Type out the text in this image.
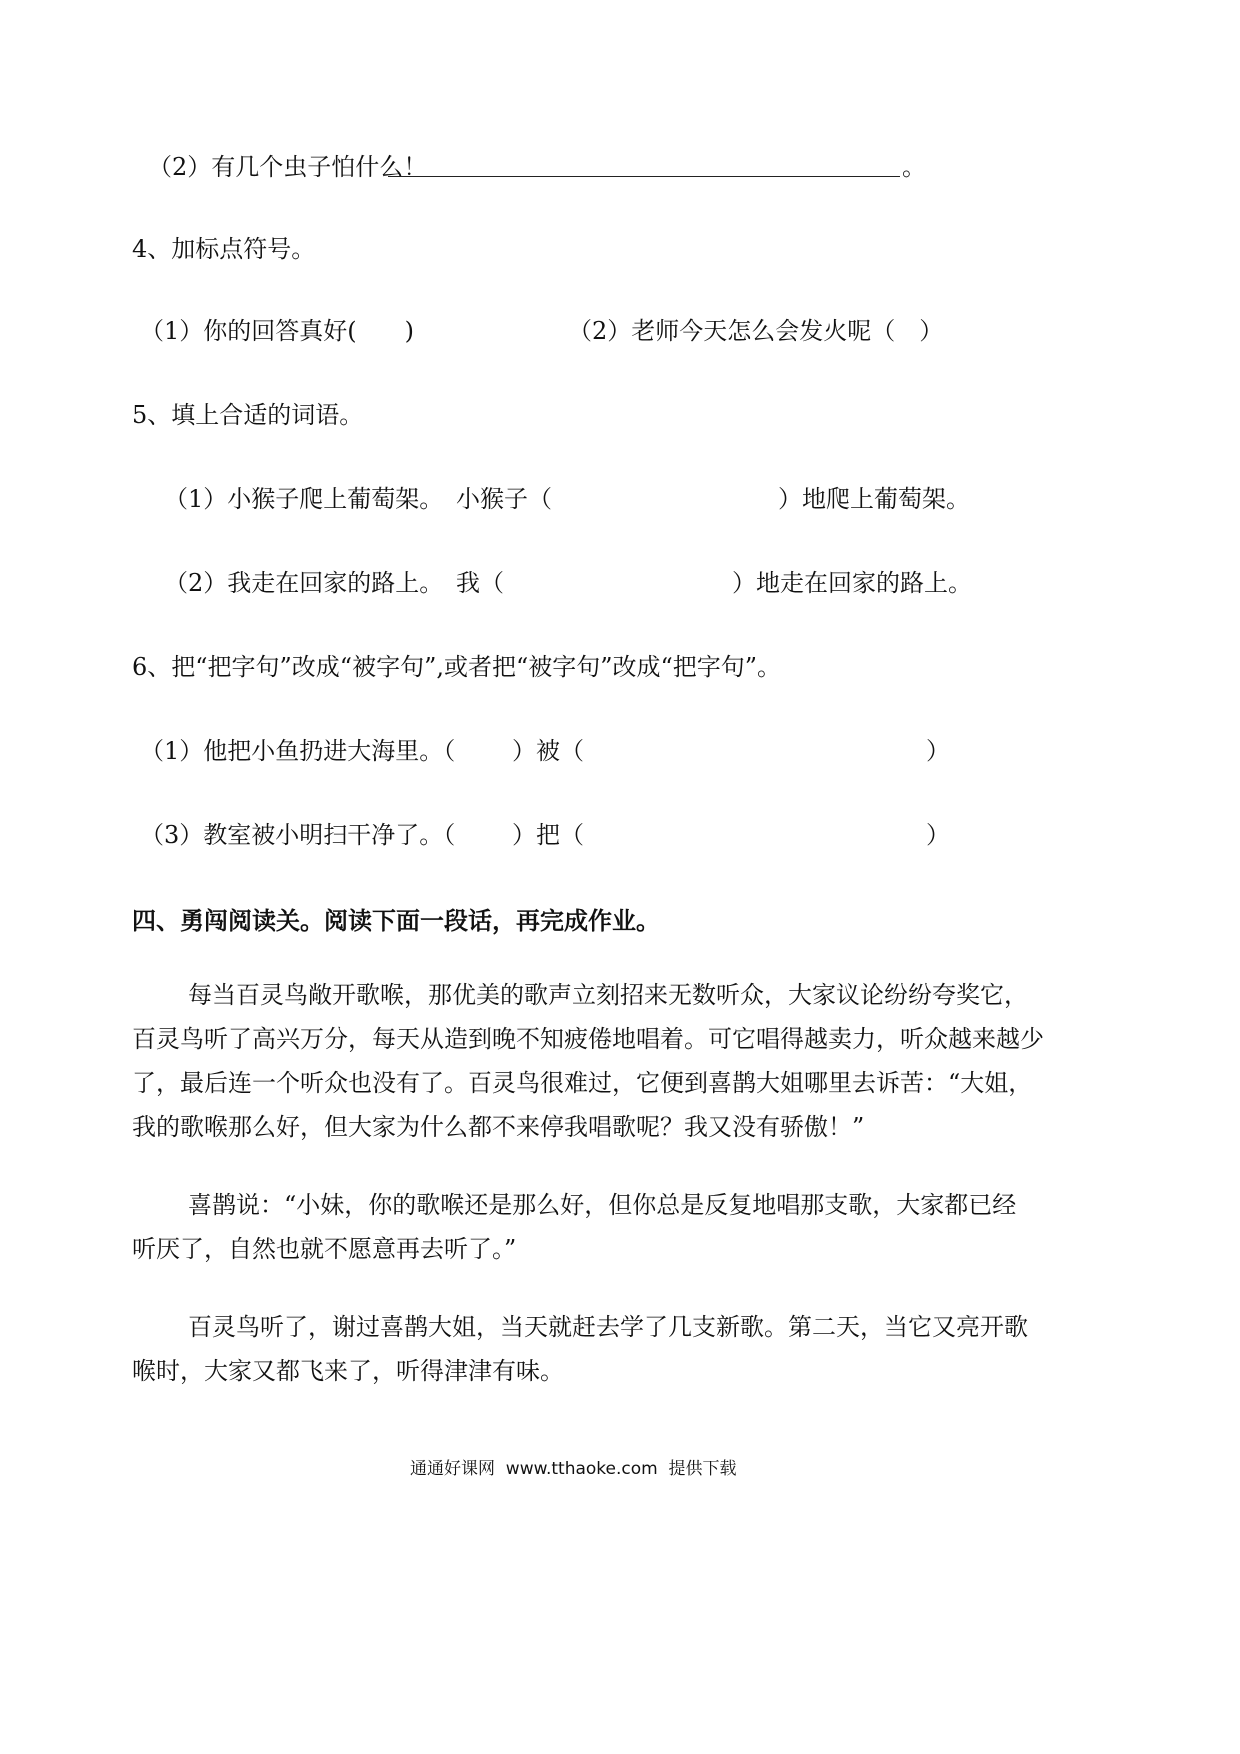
（2）有几个虫子怕什么！	。
4、加标点符号。
（1）你的回答真好(　　)	（2）老师今天怎么会发火呢（　）
5、填上合适的词语。
（1）小猴子爬上葡萄架。 小猴子（	）地爬上葡萄架。
（2）我走在回家的路上。 我（	）地走在回家的路上。
6、把“把字句”改成“被字句”,或者把“被字句”改成“把字句”。
（1）他把小鱼扔进大海里。（ ）被（	）
（3）教室被小明扫干净了。（ ）把（	）
四、勇闯阅读关。阅读下面一段话，再完成作业。
每当百灵鸟敞开歌喉，那优美的歌声立刻招来无数听众，大家议论纷纷夸奖它，
百灵鸟听了高兴万分，每天从造到晚不知疲倦地唱着。可它唱得越卖力，听众越来越少
了，最后连一个听众也没有了。百灵鸟很难过，它便到喜鹊大姐哪里去诉苦：“大姐，
我的歌喉那么好，但大家为什么都不来停我唱歌呢？我又没有骄傲！”
喜鹊说：“小妹，你的歌喉还是那么好，但你总是反复地唱那支歌，大家都已经
听厌了，自然也就不愿意再去听了。”
百灵鸟听了，谢过喜鹊大姐，当天就赶去学了几支新歌。第二天，当它又亮开歌
喉时，大家又都飞来了，听得津津有味。
通通好课网  www.tthaoke.com  提供下载
